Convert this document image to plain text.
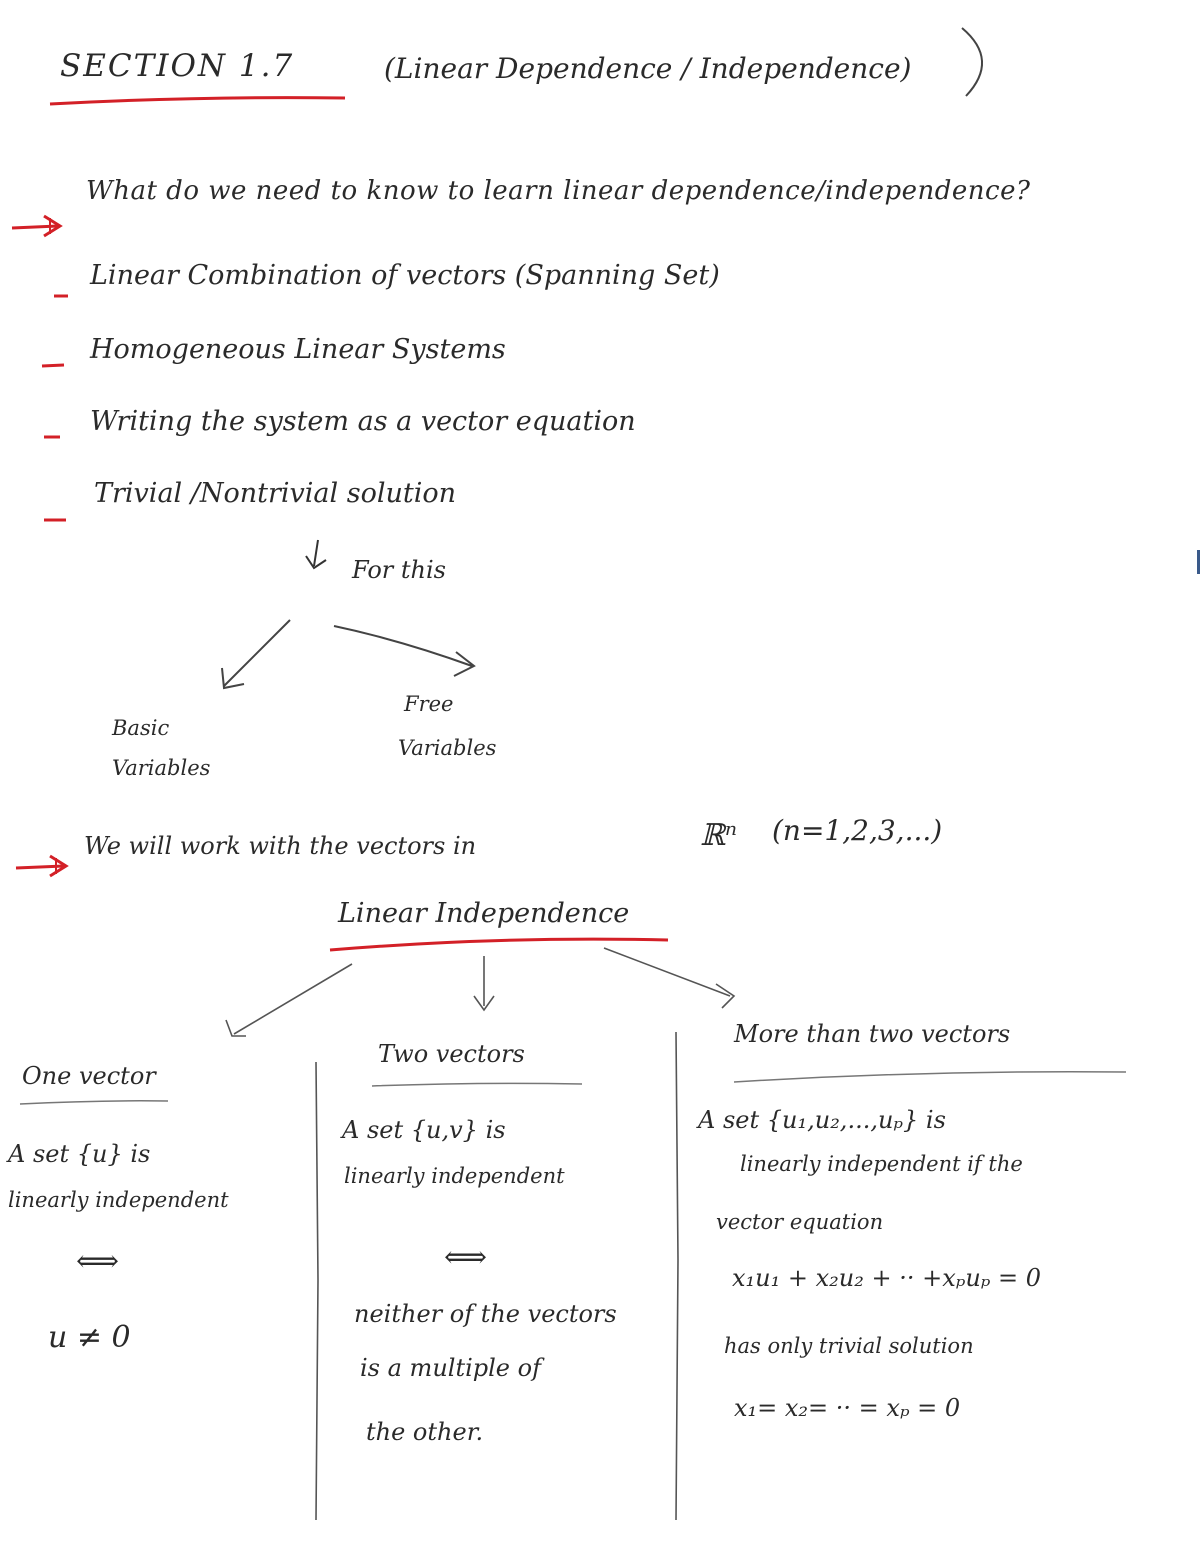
SECTION 1.7	(Linear Dependence / Independence)
What do we need to know to learn linear dependence/independence?
Linear Combination of vectors (Spanning Set)
Homogeneous Linear Systems
Writing the system as a vector equation
Trivial /Nontrivial solution
For this
Basic
Variables
Free
Variables
We will work with the vectors in	ℝⁿ (n=1,2,3,...)
Linear Independence
One vector
A set {u} is
linearly independent
⟺
u ≠ 0
Two vectors
A set {u,v} is
linearly independent
⟺
neither of the vectors
is a multiple of
the other.
More than two vectors
A set {u₁,u₂,...,uₚ} is
linearly independent if the
vector equation
x₁u₁ + x₂u₂ + ·· +xₚuₚ = 0
has only trivial solution
x₁= x₂= ·· = xₚ = 0
